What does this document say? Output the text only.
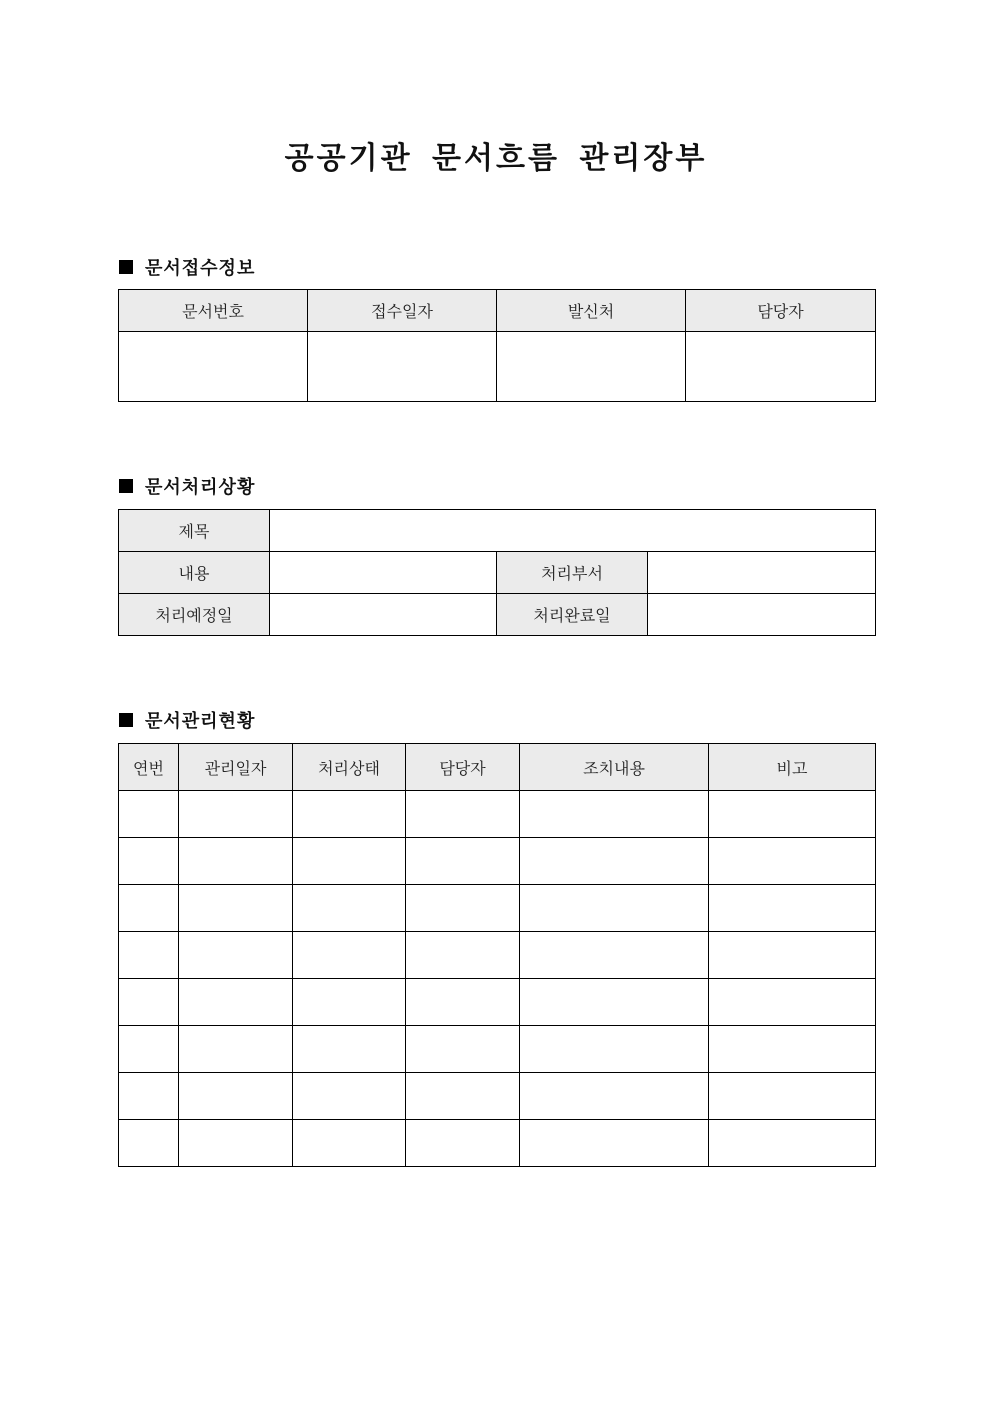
공공기관 문서흐름 관리장부
문서접수정보
문서번호	접수일자	발신처	담당자

문서처리상황
제목			
내용		처리부서	
처리예정일		처리완료일	
문서관리현황
연번	관리일자	처리상태	담당자	조치내용	비고
